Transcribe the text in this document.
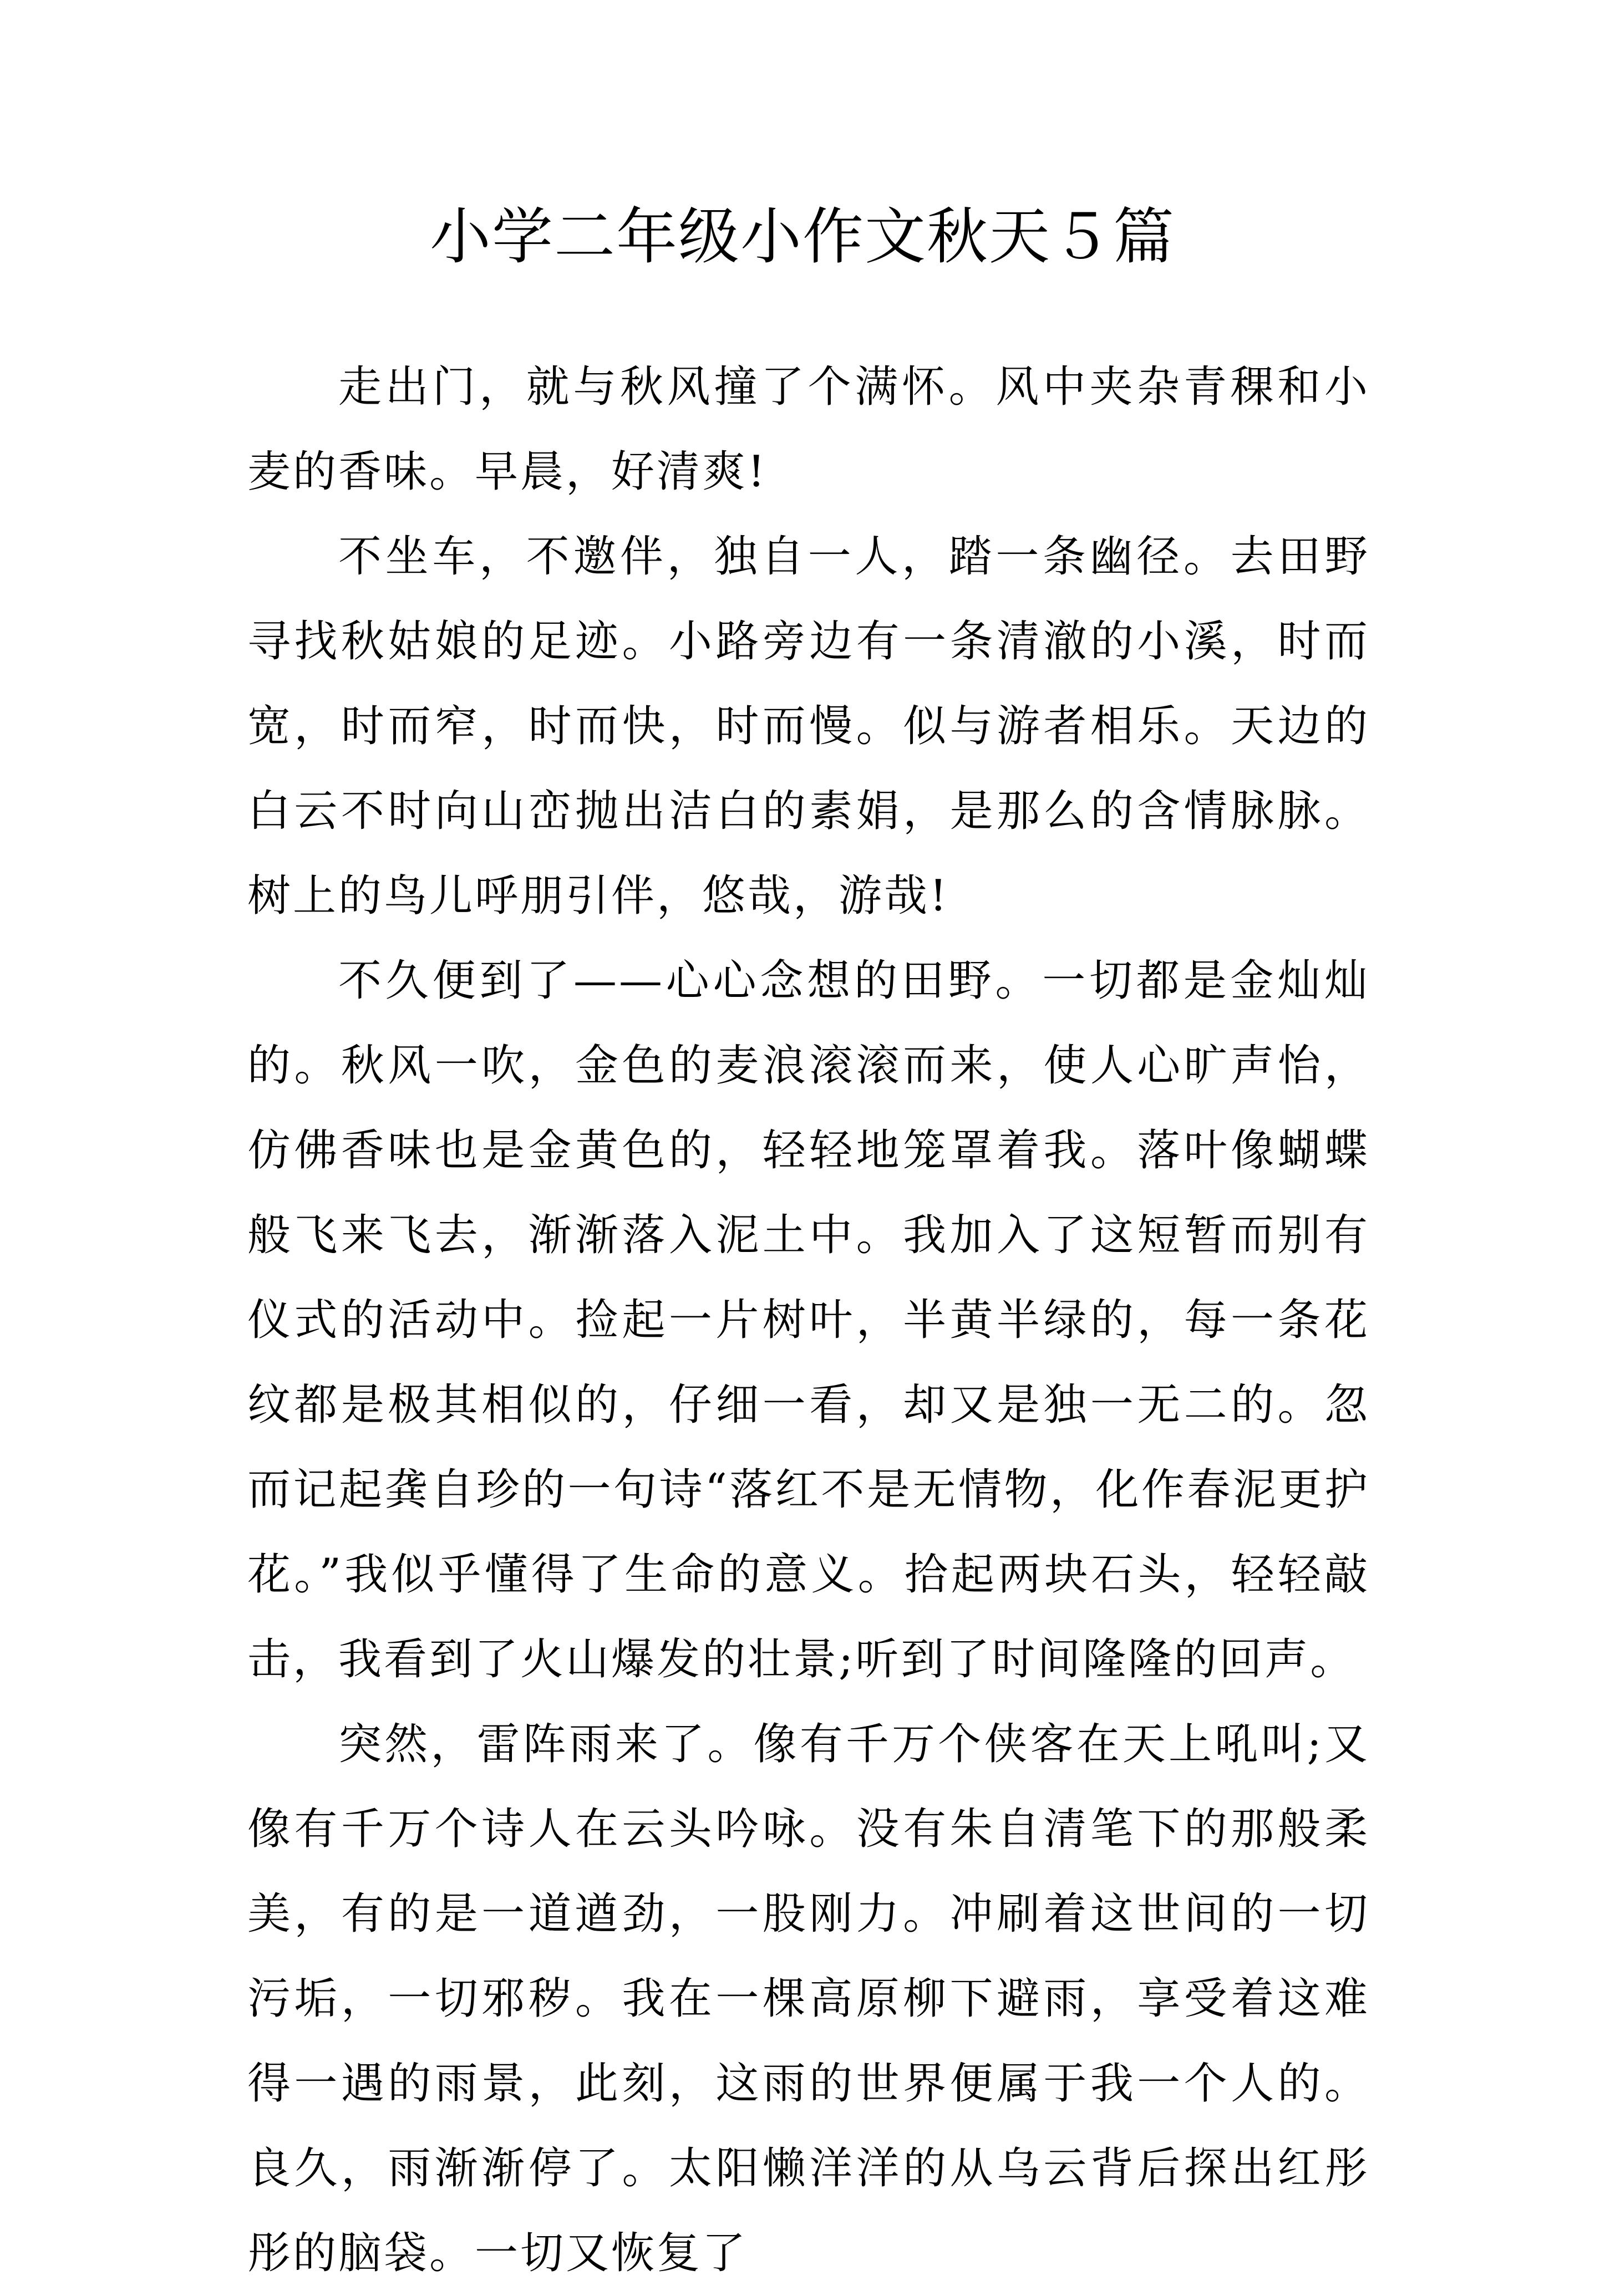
小学二年级小作文秋天５篇

走出门，就与秋风撞了个满怀。风中夹杂青稞和小麦的香味。早晨，好清爽!

不坐车，不邀伴，独自一人，踏一条幽径。去田野寻找秋姑娘的足迹。小路旁边有一条清澈的小溪，时而宽，时而窄，时而快，时而慢。似与游者相乐。天边的白云不时向山峦抛出洁白的素娟，是那么的含情脉脉。树上的鸟儿呼朋引伴，悠哉，游哉!

不久便到了——心心念想的田野。一切都是金灿灿的。秋风一吹，金色的麦浪滚滚而来，使人心旷声怡，仿佛香味也是金黄色的，轻轻地笼罩着我。落叶像蝴蝶般飞来飞去，渐渐落入泥土中。我加入了这短暂而别有仪式的活动中。捡起一片树叶，半黄半绿的，每一条花纹都是极其相似的，仔细一看，却又是独一无二的。忽而记起龚自珍的一句诗“落红不是无情物，化作春泥更护花。”我似乎懂得了生命的意义。拾起两块石头，轻轻敲击，我看到了火山爆发的壮景;听到了时间隆隆的回声。

突然，雷阵雨来了。像有千万个侠客在天上吼叫;又像有千万个诗人在云头吟咏。没有朱自清笔下的那般柔美，有的是一道遒劲，一股刚力。冲刷着这世间的一切污垢，一切邪秽。我在一棵高原柳下避雨，享受着这难得一遇的雨景，此刻，这雨的世界便属于我一个人的。良久，雨渐渐停了。太阳懒洋洋的从乌云背后探出红彤彤的脑袋。一切又恢复了
